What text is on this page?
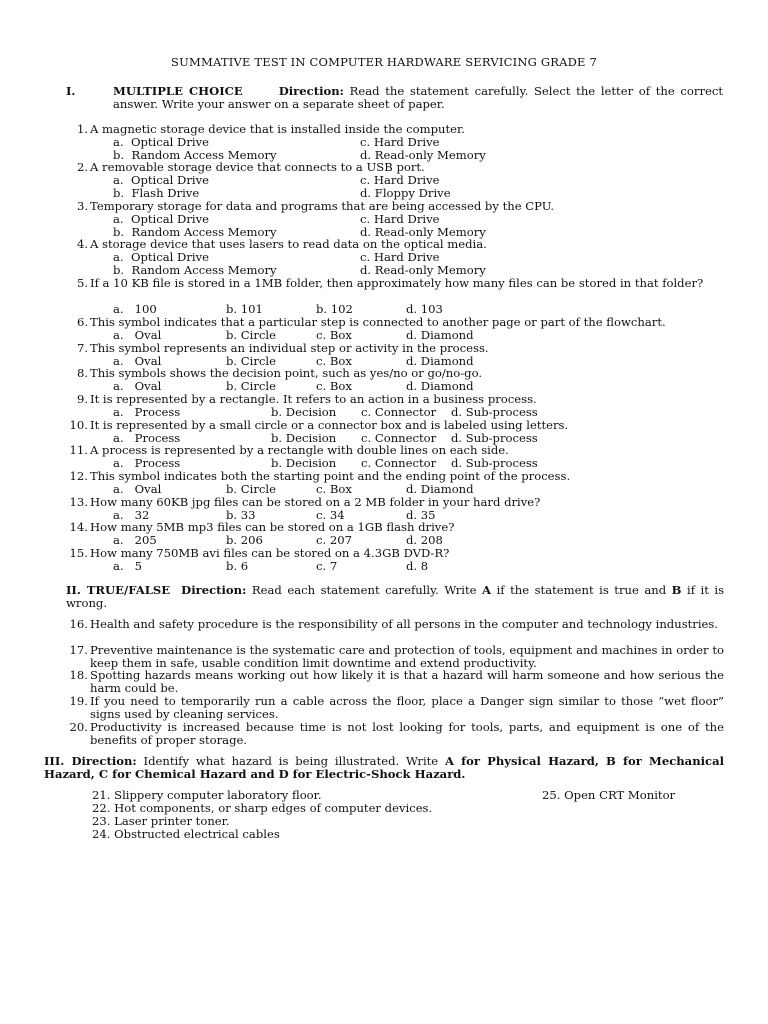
SUMMATIVE TEST IN COMPUTER HARDWARE SERVICING GRADE 7
I.	MULTIPLE CHOICE	Direction: Read the statement carefully. Select the letter of the correct answer. Write your answer on a separate sheet of paper.
1. A magnetic storage device that is installed inside the computer.
2. A removable storage device that connects to a USB port.
3. Temporary storage for data and programs that are being accessed by the CPU.
4. A storage device that uses lasers to read data on the optical media.
5. If a 10 KB file is stored in a 1MB folder, then approximately how many files can be stored in that folder?
6. This symbol indicates that a particular step is connected to another page or part of the flowchart.
7. This symbol represents an individual step or activity in the process.
8. This symbols shows the decision point, such as yes/no or go/no-go.
9. It is represented by a rectangle. It refers to an action in a business process.
10. It is represented by a small circle or a connector box and is labeled using letters.
11. A process is represented by a rectangle with double lines on each side.
12. This symbol indicates both the starting point and the ending point of the process.
13. How many 60KB jpg files can be stored on a 2 MB folder in your hard drive?
14. How many 5MB mp3 files can be stored on a 1GB flash drive?
15. How many 750MB avi files can be stored on a 4.3GB DVD-R?
II. TRUE/FALSE Direction: Read each statement carefully. Write A if the statement is true and B if it is wrong.
16. Health and safety procedure is the responsibility of all persons in the computer and technology industries.
17. Preventive maintenance is the systematic care and protection of tools, equipment and machines in order to keep them in safe, usable condition limit downtime and extend productivity.
18. Spotting hazards means working out how likely it is that a hazard will harm someone and how serious the harm could be.
19. If you need to temporarily run a cable across the floor, place a Danger sign similar to those “wet floor” signs used by cleaning services.
20. Productivity is increased because time is not lost looking for tools, parts, and equipment is one of the benefits of proper storage.
III. Direction: Identify what hazard is being illustrated. Write A for Physical Hazard, B for Mechanical Hazard, C for Chemical Hazard and D for Electric-Shock Hazard.
21. Slippery computer laboratory floor.
22. Hot components, or sharp edges of computer devices.
23. Laser printer toner.
24. Obstructed electrical cables
25. Open CRT Monitor
a.  Optical Drive	c. Hard Drive
b.  Random Access Memory	d. Read-only Memory
a.  Optical Drive	c. Hard Drive
b.  Flash Drive	d. Floppy Drive
a.  Optical Drive	c. Hard Drive
b.  Random Access Memory	d. Read-only Memory
a.  Optical Drive	c. Hard Drive
b.  Random Access Memory	d. Read-only Memory
a.   100	b. 101	b. 102	d. 103
a.   Oval	b. Circle	c. Box	d. Diamond
a.   Oval	b. Circle	c. Box	d. Diamond
a.   Oval	b. Circle	c. Box	d. Diamond
a.   Process	b. Decision c. Connector d. Sub-process
a.   Process	b. Decision c. Connector d. Sub-process
a.   Process	b. Decision c. Connector d. Sub-process
a.   Oval	b. Circle	c. Box	d. Diamond
a.   32	b. 33	c. 34	d. 35
a.   205	b. 206	c. 207	d. 208
a.   5	b. 6	c. 7	d. 8
